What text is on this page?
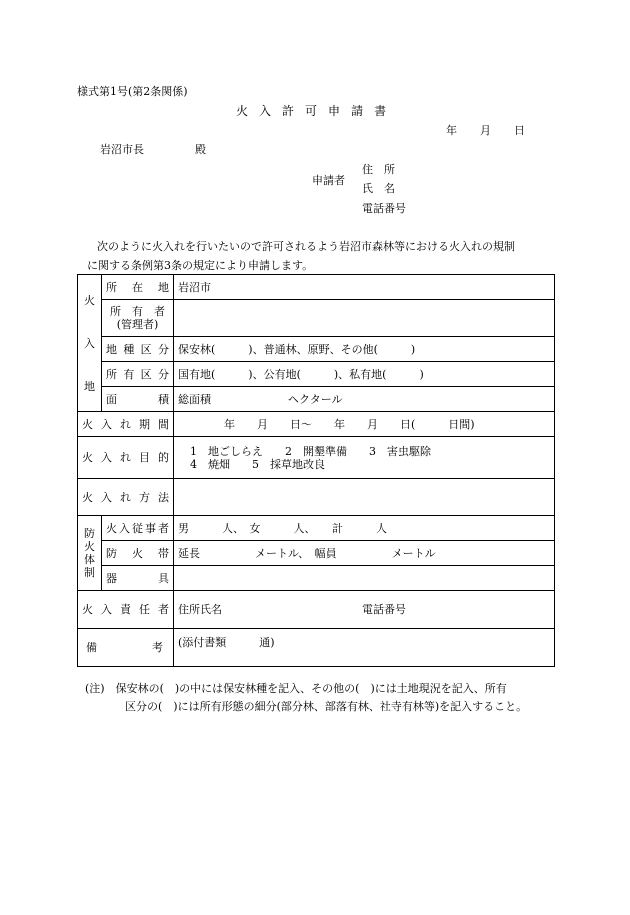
様式第1号(第2条関係)
火 入 許 可 申 請 書
年 月 日
岩沼市長	殿
申請者
住　所
氏　名
電話番号
次のように火入れを行いたいので許可されるよう岩沼市森林等における火入れの規制
に関する条例第3条の規定により申請します。
火
入
地	所在地	岩沼市

	所有者
(管理者)	

	地種区分	保安林(　　　)、普通林、原野、その他(　　　)
	所有区分	国有地(　　　)、公有地(　　　)、私有地(　　　)
	面積	総面積　　　　　　　ヘクタール
火入れ期間		年　　月　　日～　　年　　月　　日(　　　日間)
火入れ目的		1　地ごしらえ　　2　開墾準備　　3　害虫駆除
4　焼畑　　5　採草地改良

火入れ方法		

防
火
体
制	火入従事者	男　　　人、　女　　　人、　　計　　　人
	防火帯	延長　　　　　メートル、　幅員　　　　　メートル
	器具	
火入責任者		住所氏名 電話番号
備考		(添付書類　　　通)
(注)　保安林の(　)の中には保安林種を記入、その他の(　)には土地現況を記入、所有
区分の(　)には所有形態の細分(部分林、部落有林、社寺有林等)を記入すること。
